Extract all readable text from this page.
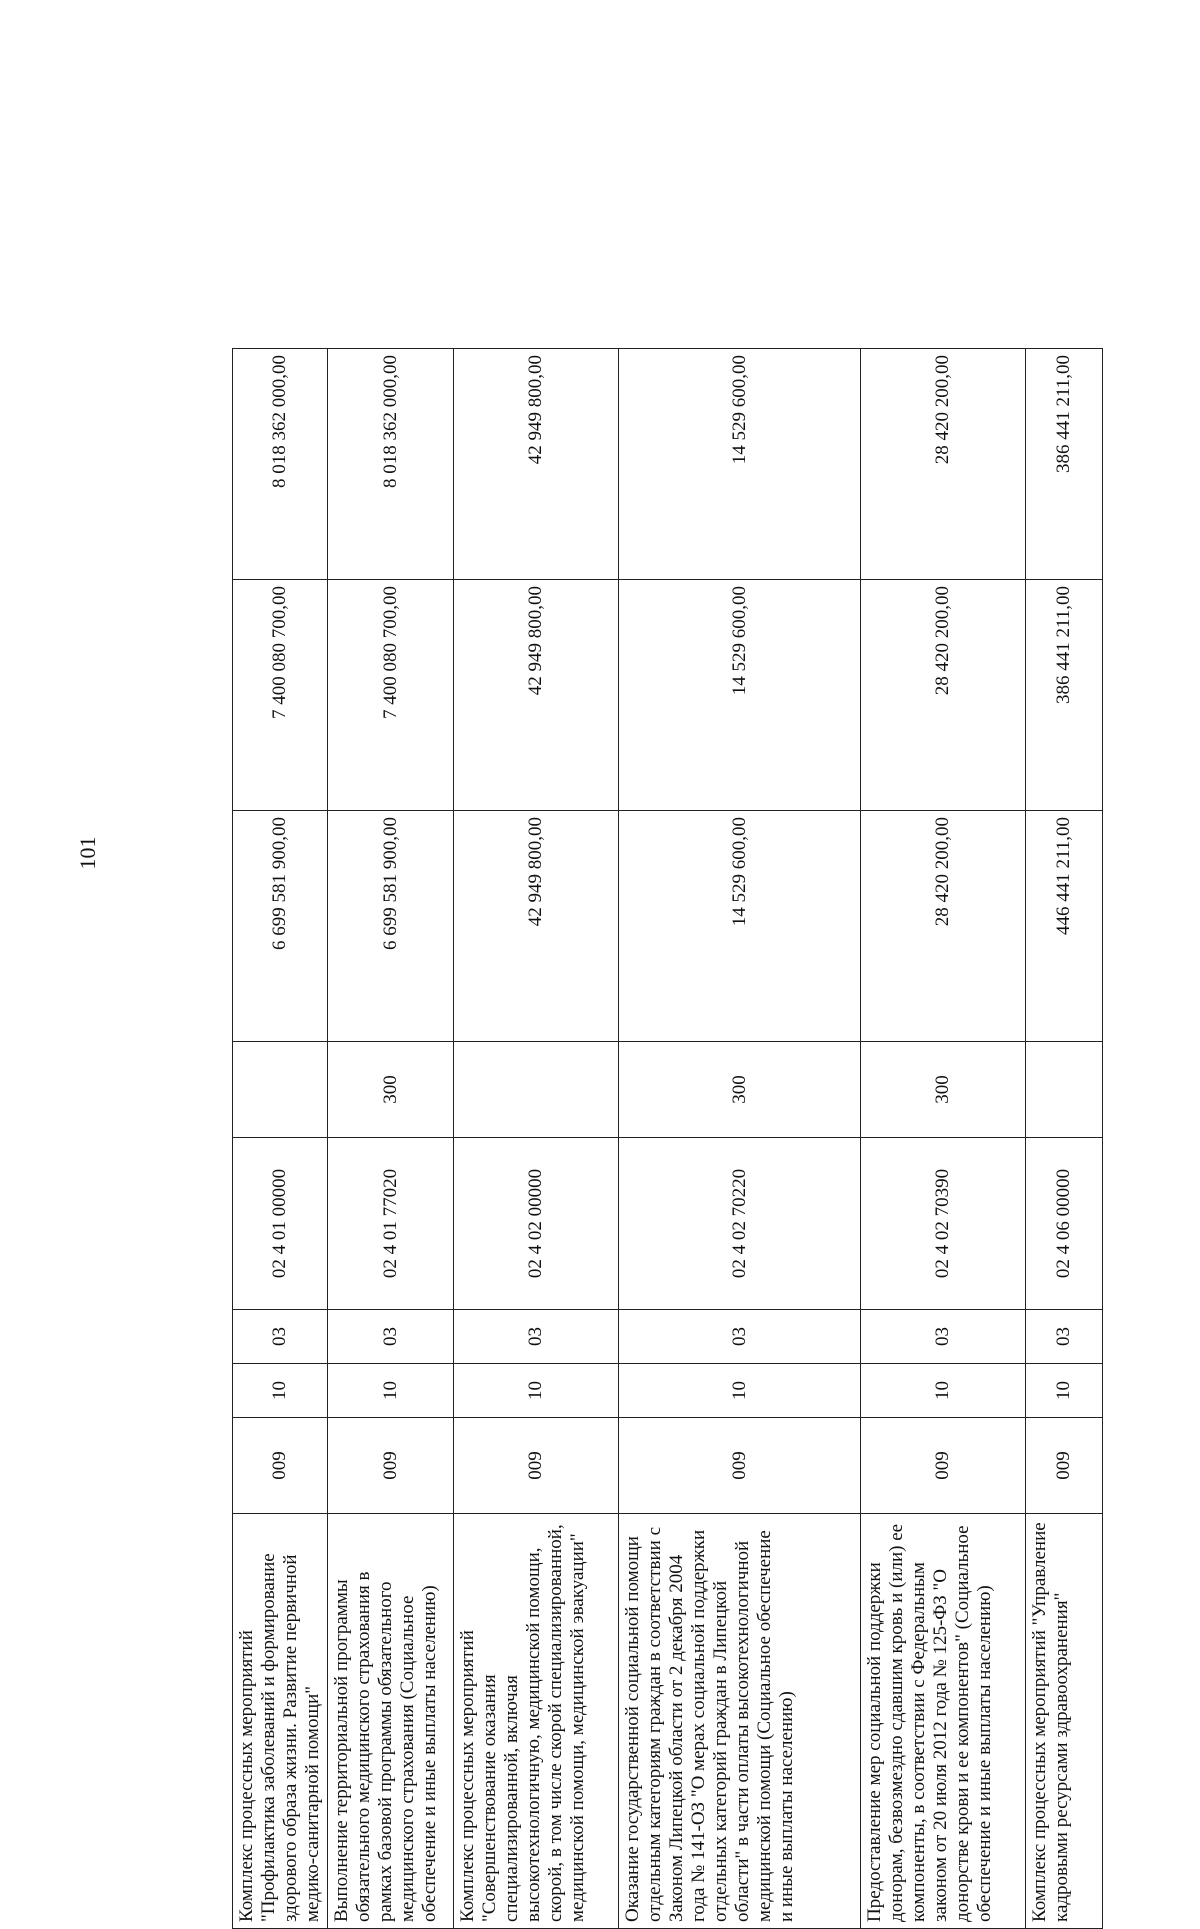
101
Комплекс процессных мероприятий "Профилактика заболеваний и формирование здорового образа жизни. Развитие первичной медико-санитарной помощи"	009	10	03	02 4 01 00000		6 699 581 900,00	7 400 080 700,00	8 018 362 000,00
Выполнение территориальной программы обязательного медицинского страхования в рамках базовой программы обязательного медицинского страхования (Социальное обеспечение и иные выплаты населению)	009	10	03	02 4 01 77020	300	6 699 581 900,00	7 400 080 700,00	8 018 362 000,00
Комплекс процессных мероприятий "Совершенствование оказания специализированной, включая высокотехнологичную, медицинской помощи, скорой, в том числе скорой специализированной, медицинской помощи, медицинской эвакуации"	009	10	03	02 4 02 00000		42 949 800,00	42 949 800,00	42 949 800,00
Оказание государственной социальной помощи отдельным категориям граждан в соответствии с Законом Липецкой области от 2 декабря 2004 года № 141-ОЗ "О мерах социальной поддержки отдельных категорий граждан в Липецкой области" в части оплаты высокотехнологичной медицинской помощи (Социальное обеспечение и иные выплаты населению)	009	10	03	02 4 02 70220	300	14 529 600,00	14 529 600,00	14 529 600,00
Предоставление мер социальной поддержки донорам, безвозмездно сдавшим кровь и (или) ее компоненты, в соответствии с Федеральным законом от 20 июля 2012 года № 125-ФЗ "О донорстве крови и ее компонентов" (Социальное обеспечение и иные выплаты населению)	009	10	03	02 4 02 70390	300	28 420 200,00	28 420 200,00	28 420 200,00
Комплекс процессных мероприятий "Управление кадровыми ресурсами здравоохранения"	009	10	03	02 4 06 00000		446 441 211,00	386 441 211,00	386 441 211,00
